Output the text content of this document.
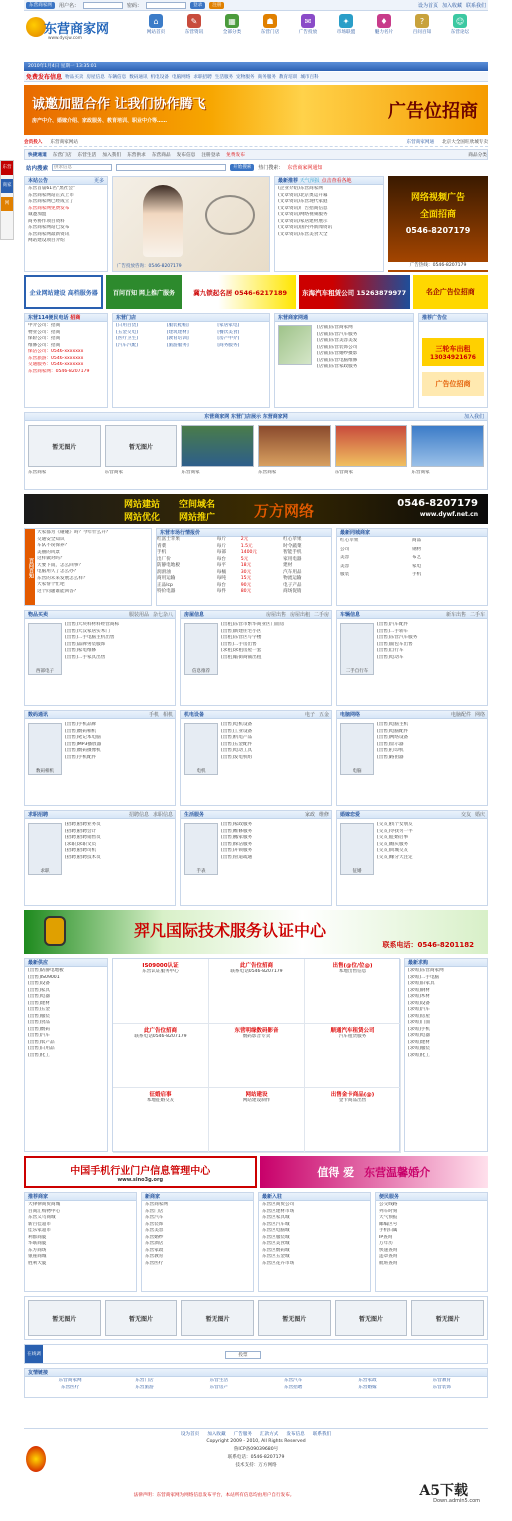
东营
商家
网
东营商家网	用户名：	密码：	登录	注册	设为首页 加入收藏 联系我们
东营商家网
www.dysjw.com
⌂
网站首页
✎
东营资讯
▦
全部分类
☗
东营门店
✉
广告投放
✦
市场联盟
♦
魅力名片
?
百问百知
☺
东营论坛
2010年1月4日 星期一 13:35:01
免费发布信息 物品买卖 房屋信息 车辆信息 数码通讯 机电设备 电脑网络 求职招聘 生活服务 宠物服务 商务服务 教育培训 城市百科
诚邀加盟合作 让我们协作腾飞
房产中介、婚嫁介绍、家政服务、教育培训、职业中介等……	广告位招商
会员投入 东营商家网站	东营商家网通 北京大全国旺欣城专卖
快捷通道 东营门店 东营生活 加入我们 东营供求 东营商品 发布信息 注册登录 免费发布	商品分类
站内搜索
供求信息	开始搜索	热门搜索： 东营商家网通知
本站公告	更多
东营首届61名“黑社会”
东营商家网站正式上市
东营商家网已经成立了
东营商家网免费发布
诚邀加盟
商务协作项目资料
东营商家网站已发布
东营商家网最新资讯
网站建设项目介绍
广告投放咨询：0546-8207179
最新推荐 天气预报 点击查看各地
(企业介绍)东营商家网
(文章资讯)北京奥运开幕
(文章资讯)东营现代家庭
(文章资讯)广告招商信息
(文章资讯)网络视频服务
(文章资讯)家居建材展示
(文章资讯)国内外新闻资讯
(文章资讯)东营美食大全
网络视频广告
全面招商
0546-8207179
广告热线：0546-8207179
企业网站建设 高档服务器	百问百知 网上推广服务	冀九锁起名居 0546-6217189	东海汽车租赁公司 15263879977	名企广告位招商
东营114便民电话 招商
中介公司：招商
物业公司：招商
保险公司：招商
维修公司：招商
保洁公司：0546-xxxxxxx
东营旅游：0546-xxxxxxx
交通服务：0546-xxxxxxx
东营商家网：0546-8207179
东营门店
[日用百货]	[服装鞋帽]	[家居家电]
[五金交电]	[建筑建材]	[餐饮美食]
[医疗卫生]	[教育培训]	[房产中介]
[汽车汽配]	[旅游服务]	[商务服务]
东营商家网通
[店铺]东营商家网
[店铺]东营汽车服务
[店铺]东营美容美发
[店铺]东营装饰公司
[店铺]东营婚纱摄影
[店铺]东营电脑维修
[店铺]东营家政服务
推荐广告位
三轮车出租
13034921676
广告位招商
东营商家网 东营门店展示 东营商家网	加入我们
暂无图片
东营商家
暂无图片
东营商家	东营商家	东营商家	东营商家	东营商家
网站建站 空间域名
网站优化 网站推广	万方网络	0546-8207179
www.dywf.net.cn
百问百知
大家都为《碰碰》吗？今年什么开？
交通安全知识
车队不误保养？
美丽的风景
这样做对吗？
天要下雨，怎么回事？
电脑用久了怎么办？
东营的未来发展怎么样？
大家帮个忙吧
这个问题谁能回答？
东营市场行情报价
红富士苹果	每斤	2元	红心苹果
青菜	每斤	1.5元	时令蔬菜
手机	每部	1400元	智能手机
出厂价	每台	5元	家用电器
防静电地板	每平	18元	建材
润滑油	每桶	30元	汽车用品
商用运输	每吨	15元	物流运输
正品lcp	每台	90元	电子产品
特价电器	每件	80元	商场促销
最新同城商家
红心苹果	商品 公司	钢材 美容	布艺 美容	家电 服装	手机
物品买卖	服装用品 杂七杂八
西部电子
[出售]大块料材料经营商标
[出售]大汉家居实木门
[出售]二手电脑主机出售
[出售]品牌男装服饰
[出售]家电维修
[出售]二手家具出售
房屋信息	房屋出售 房屋出租 二手房
信息推荐
[出租]东营市繁华商业区门面房
[出售]新建住宅小区
[出租]东营区写字楼
[出售]二手房出售
[求租]求租房屋一套
[出租]临街商铺出租
车辆信息	新车出售 二手车
二手自行车
[出售]汽车配件
[出售]二手轿车
[出售]东营汽车服务
[出售]面包车出售
[出售]自行车
[出售]电动车
数码通讯	手机 相机
数码相机
[出售]手机品牌
[出售]数码相机
[出售]笔记本电脑
[出售]MP3播放器
[出售]数码摄像机
[出售]手机配件
机电设备	电子 五金
电机
[出售]电机设备
[出售]工业设备
[出售]机电产品
[出售]五金配件
[出售]电动工具
[出售]发电机组
电脑网络	电脑配件 网络
电脑
[出售]电脑主机
[出售]电脑配件
[出售]网络设备
[出售]显示器
[出售]打印机
[出售]路由器
求职招聘	招聘信息 求职信息
求职
[招聘]招聘业务员
[招聘]招聘会计
[招聘]招聘销售员
[求职]求职文员
[招聘]招聘司机
[招聘]招聘技术员
生活服务	家政 维修
手表
[出售]家政服务
[出售]维修服务
[出售]搬家服务
[出售]保洁服务
[出售]开锁服务
[出售]管道疏通
婚嫁恋爱	交友 婚庆
征婚
[交友]找个女朋友
[交友]寻找另一半
[交友]征婚启事
[交友]婚庆服务
[交友]同城交友
[交友]缘分天注定
羿凡国际技术服务认证中心
联系电话：0546-8201182
最新供应
[出售]防静电地板
[出售]IS09001
[出售]设备
[出售]家具
[出售]电器
[出售]建材
[出售]五金
[出售]服装
[出售]食品
[出售]数码
[出售]汽车
[出售]农产品
[出售]日用品
[出售]化工
IS09000认证
东营认证服务中心
此广告位招商
联系电话0546-8207179
出售(@位/位@)
本地出售信息
此广告位招商
联系电话0546-8207179
东营明缘数码影音
数码影音专卖
顺通汽车租赁公司
汽车租赁服务
征婚启事
本地征婚交友
网站建设
网站建设制作
出售金卡商品(@)
金卡商品出售
最新求购
[求购]东营商家网
[求购]二手电脑
[求购]旧家具
[求购]钢材
[求购]木材
[求购]设备
[求购]汽车
[求购]房屋
[求购]门面
[求购]手机
[求购]电器
[求购]建材
[求购]服装
[求购]化工
中国手机行业门户信息管理中心
www.sino3g.org
值得 爱 东营温馨婚介
推荐商家
大律律商贸商城
百商汇购物中心
东营义乌商城
新百佳超市
佳乐家超市
利群商厦
华联商厦
东方商场
银座商城
胜利大厦
新商家
东营商家网
东营门店
东营汽车
东营装饰
东营美容
东营婚纱
东营酒店
东营家政
东营教育
东营医疗
最新入驻
东营区商贸公司
东营区建材市场
东营区家具城
东营区汽车城
东营区电脑城
东营区服装城
东营区美食城
东营区数码城
东营区五金城
东营区花卉市场
便民服务
公交线路
列车时刻
天气预报
邮编区号
手机归属
IP查询
万年历
快递查询
违章查询
航班查询
暂无图片	暂无图片	暂无图片	暂无图片	暂无图片	暂无图片
在线调	投票
友情链接
东营商家网	东营门店	东营生活	东营汽车	东营家政	东营教育
东营医疗	东营旅游	东营房产	东营招聘	东营婚嫁	东营装饰
设为首页 加入收藏 广告服务 汇款方式 发布信息 联系我们
Copyright 2009 - 2010, All Rights Reserved
鲁ICP备09039680号
联系电话：0546-8207179
技术支持：万方网络
法律声明：东营商家网为网络信息发布平台，本站所有信息均由用户自行发布。	A5下载
Down.admin5.com
